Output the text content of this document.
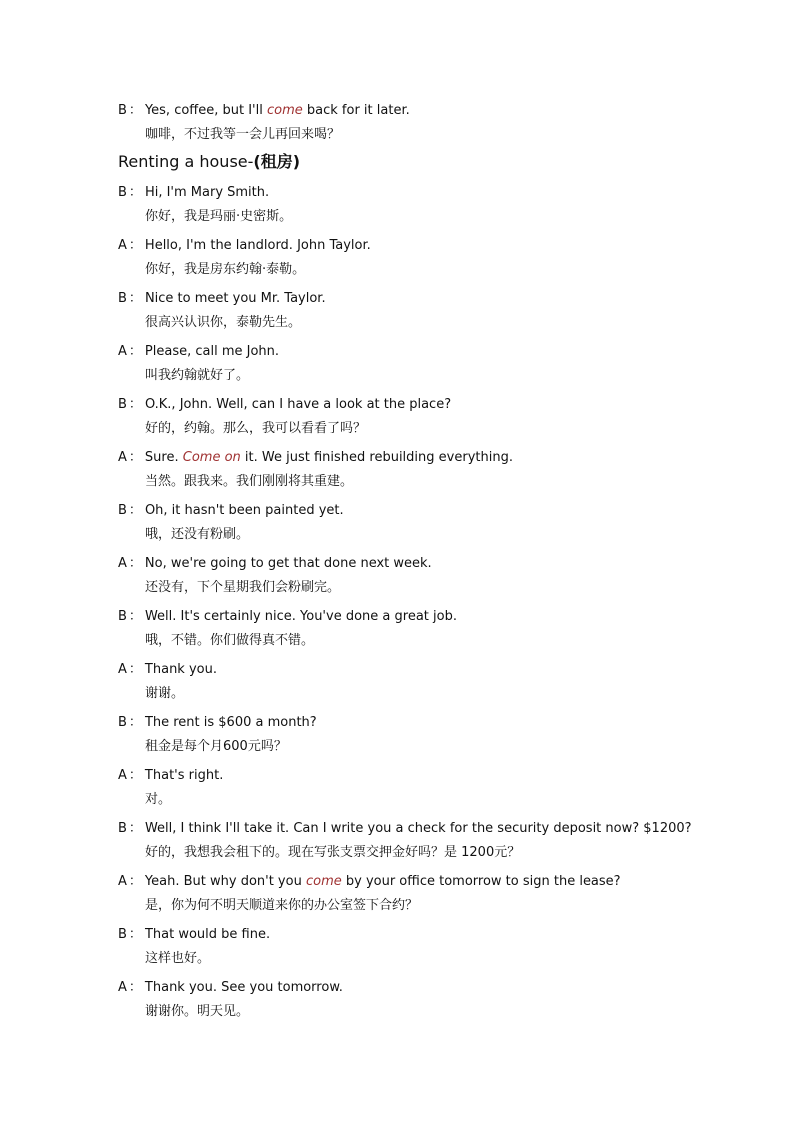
B ： Yes, coffee, but I'll come back for it later.
咖啡，不过我等一会儿再回来喝？
Renting a house-(租房)
B ： Hi, I'm Mary Smith.
你好，我是玛丽·史密斯。
A ： Hello, I'm the landlord. John Taylor.
你好，我是房东约翰·泰勒。
B ： Nice to meet you Mr. Taylor.
很高兴认识你，泰勒先生。
A ： Please, call me John.
叫我约翰就好了。
B ： O.K., John. Well, can I have a look at the place?
好的，约翰。那么，我可以看看了吗？
A ： Sure. Come on it. We just finished rebuilding everything.
当然。跟我来。我们刚刚将其重建。
B ： Oh, it hasn't been painted yet.
哦，还没有粉刷。
A ： No, we're going to get that done next week.
还没有，下个星期我们会粉刷完。
B ： Well. It's certainly nice. You've done a great job.
哦，不错。你们做得真不错。
A ： Thank you.
谢谢。
B ： The rent is $600 a month?
租金是每个月600元吗？
A ： That's right.
对。
B ： Well, I think I'll take it. Can I write you a check for the security deposit now? $1200?
好的，我想我会租下的。现在写张支票交押金好吗？是 1200元？
A ： Yeah. But why don't you come by your office tomorrow to sign the lease?
是，你为何不明天顺道来你的办公室签下合约？
B ： That would be fine.
这样也好。
A ： Thank you. See you tomorrow.
谢谢你。明天见。
